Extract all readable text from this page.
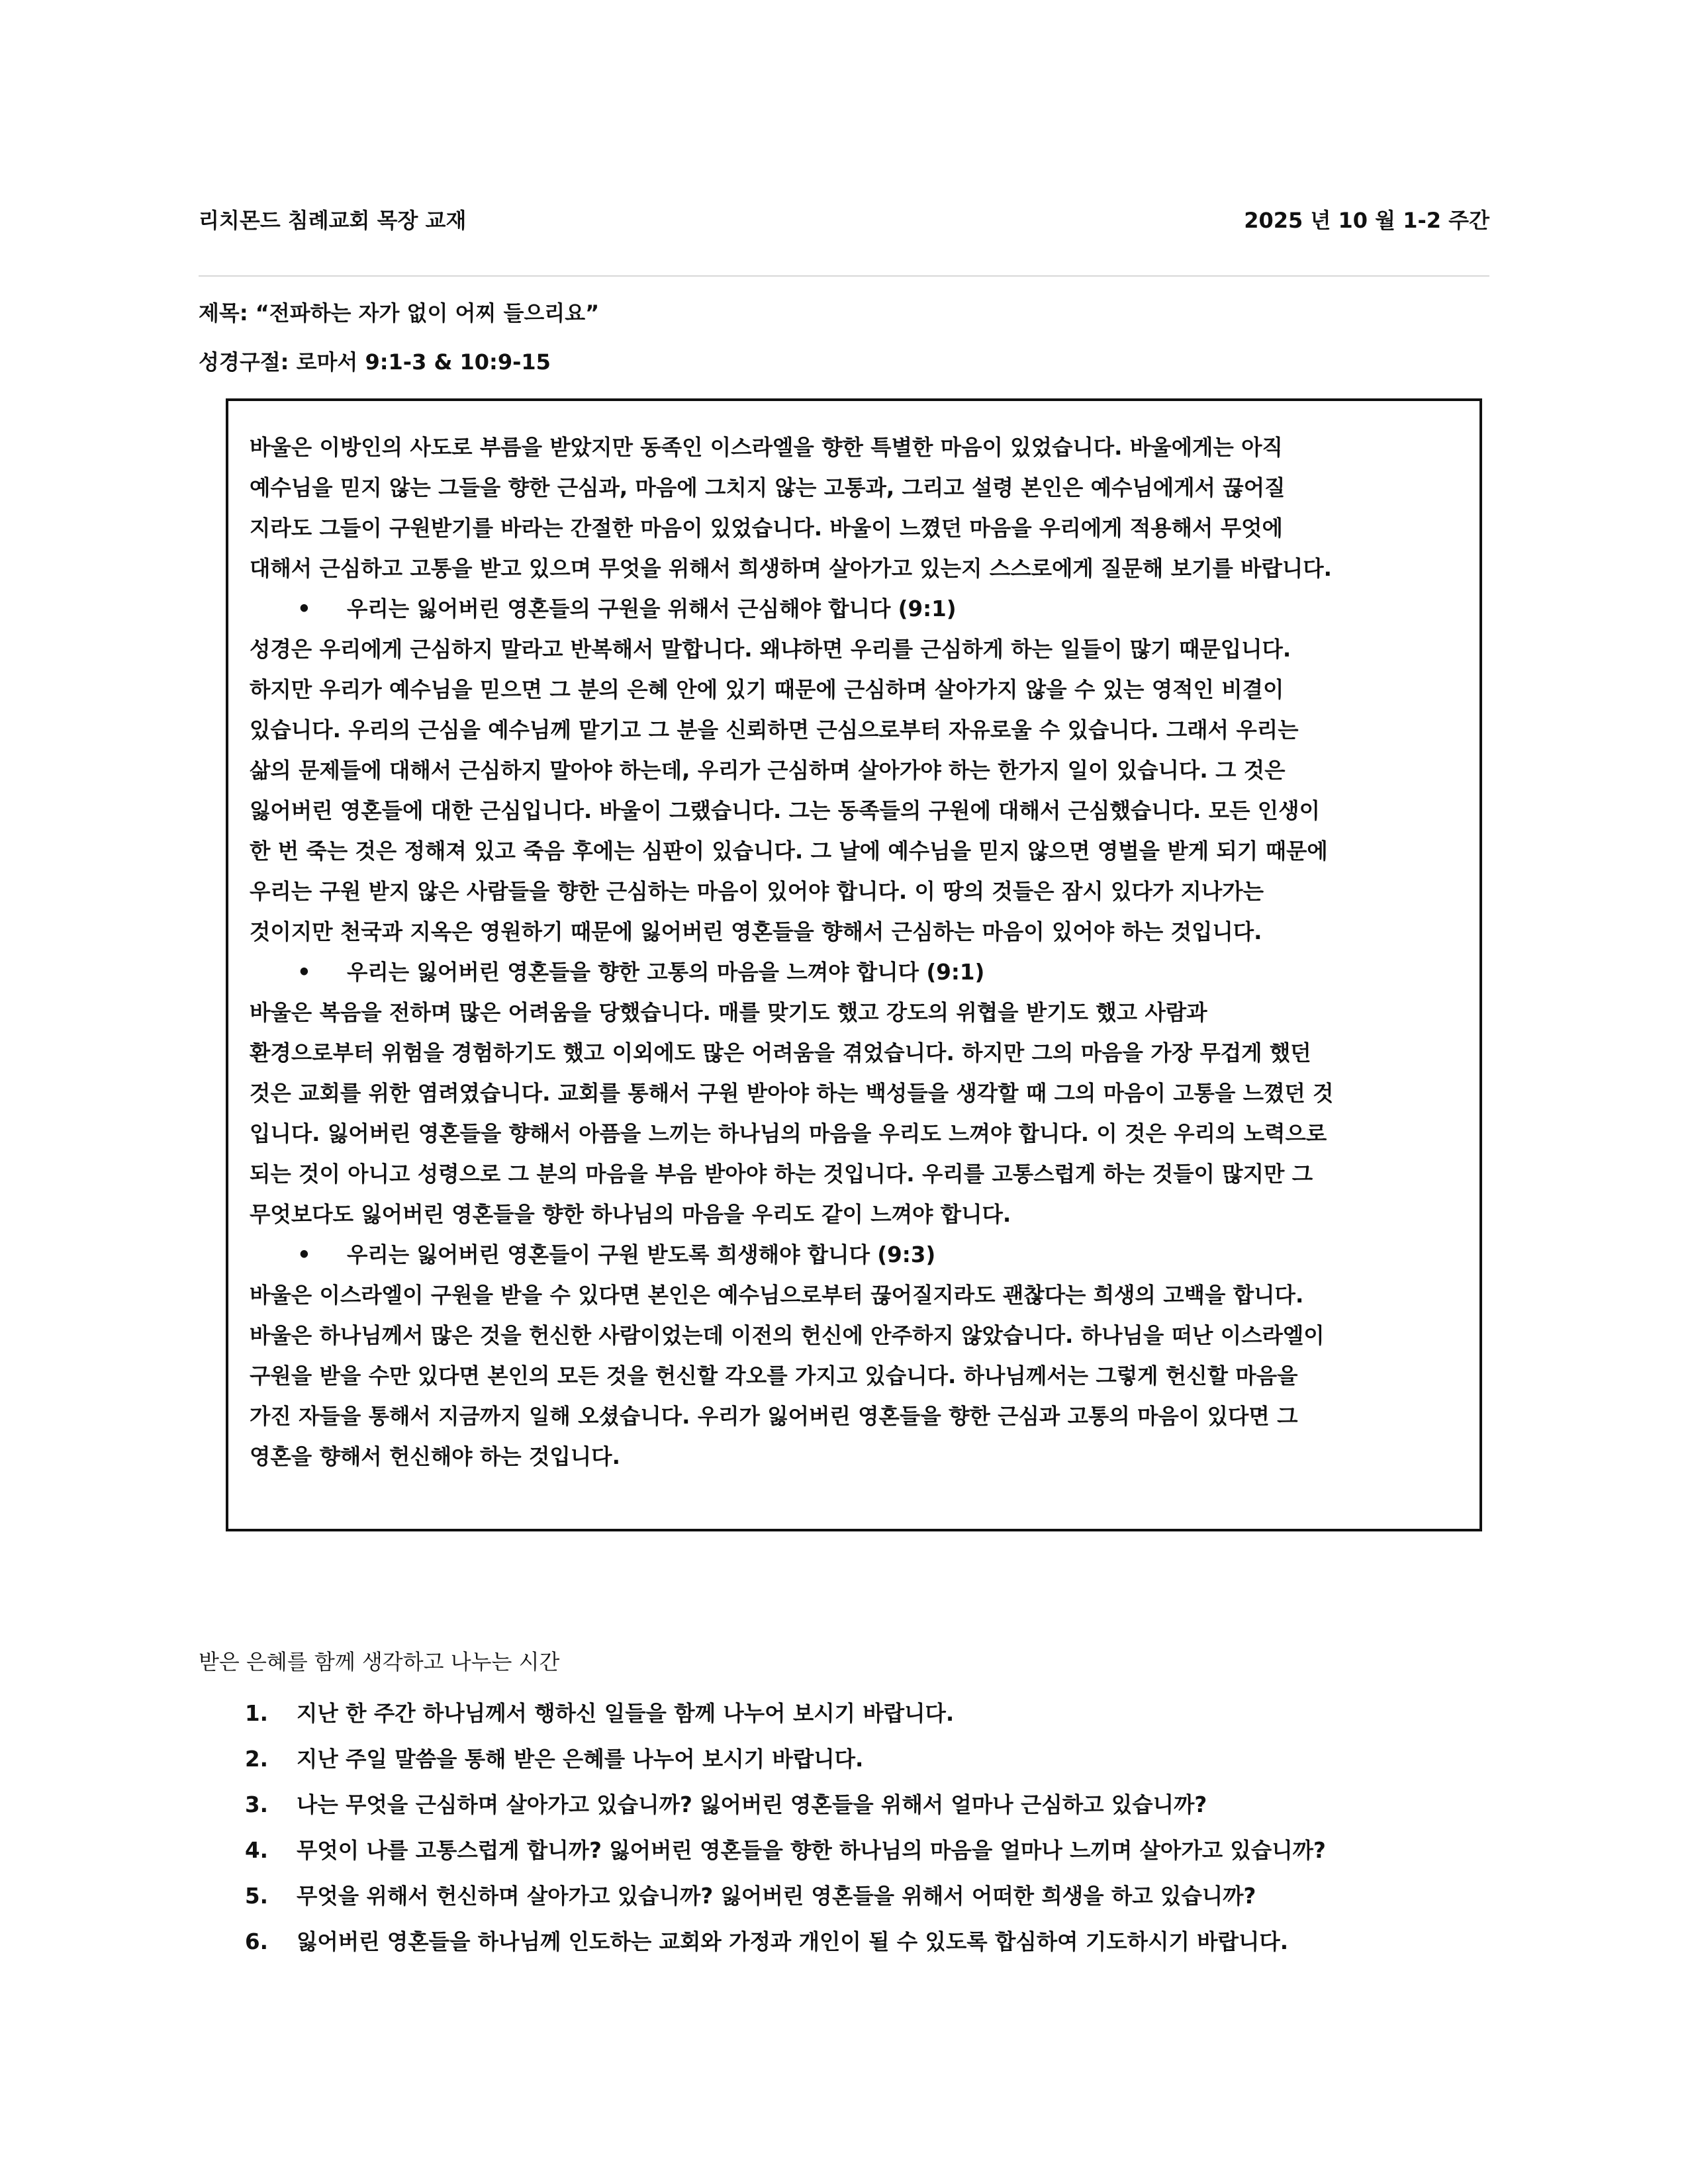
리치몬드 침례교회 목장 교재	2025 년 10 월 1-2 주간
제목: “전파하는 자가 없이 어찌 들으리요”
성경구절: 로마서 9:1-3 & 10:9-15
바울은 이방인의 사도로 부름을 받았지만 동족인 이스라엘을 향한 특별한 마음이 있었습니다. 바울에게는 아직
예수님을 믿지 않는 그들을 향한 근심과, 마음에 그치지 않는 고통과, 그리고 설령 본인은 예수님에게서 끊어질
지라도 그들이 구원받기를 바라는 간절한 마음이 있었습니다. 바울이 느꼈던 마음을 우리에게 적용해서 무엇에
대해서 근심하고 고통을 받고 있으며 무엇을 위해서 희생하며 살아가고 있는지 스스로에게 질문해 보기를 바랍니다.
• 우리는 잃어버린 영혼들의 구원을 위해서 근심해야 합니다 (9:1)
성경은 우리에게 근심하지 말라고 반복해서 말합니다. 왜냐하면 우리를 근심하게 하는 일들이 많기 때문입니다.
하지만 우리가 예수님을 믿으면 그 분의 은혜 안에 있기 때문에 근심하며 살아가지 않을 수 있는 영적인 비결이
있습니다. 우리의 근심을 예수님께 맡기고 그 분을 신뢰하면 근심으로부터 자유로울 수 있습니다. 그래서 우리는
삶의 문제들에 대해서 근심하지 말아야 하는데, 우리가 근심하며 살아가야 하는 한가지 일이 있습니다. 그 것은
잃어버린 영혼들에 대한 근심입니다. 바울이 그랬습니다. 그는 동족들의 구원에 대해서 근심했습니다. 모든 인생이
한 번 죽는 것은 정해져 있고 죽음 후에는 심판이 있습니다. 그 날에 예수님을 믿지 않으면 영벌을 받게 되기 때문에
우리는 구원 받지 않은 사람들을 향한 근심하는 마음이 있어야 합니다. 이 땅의 것들은 잠시 있다가 지나가는
것이지만 천국과 지옥은 영원하기 때문에 잃어버린 영혼들을 향해서 근심하는 마음이 있어야 하는 것입니다.
• 우리는 잃어버린 영혼들을 향한 고통의 마음을 느껴야 합니다 (9:1)
바울은 복음을 전하며 많은 어려움을 당했습니다. 매를 맞기도 했고 강도의 위협을 받기도 했고 사람과
환경으로부터 위험을 경험하기도 했고 이외에도 많은 어려움을 겪었습니다. 하지만 그의 마음을 가장 무겁게 했던
것은 교회를 위한 염려였습니다. 교회를 통해서 구원 받아야 하는 백성들을 생각할 때 그의 마음이 고통을 느꼈던 것
입니다. 잃어버린 영혼들을 향해서 아픔을 느끼는 하나님의 마음을 우리도 느껴야 합니다. 이 것은 우리의 노력으로
되는 것이 아니고 성령으로 그 분의 마음을 부음 받아야 하는 것입니다. 우리를 고통스럽게 하는 것들이 많지만 그
무엇보다도 잃어버린 영혼들을 향한 하나님의 마음을 우리도 같이 느껴야 합니다.
• 우리는 잃어버린 영혼들이 구원 받도록 희생해야 합니다 (9:3)
바울은 이스라엘이 구원을 받을 수 있다면 본인은 예수님으로부터 끊어질지라도 괜찮다는 희생의 고백을 합니다.
바울은 하나님께서 많은 것을 헌신한 사람이었는데 이전의 헌신에 안주하지 않았습니다. 하나님을 떠난 이스라엘이
구원을 받을 수만 있다면 본인의 모든 것을 헌신할 각오를 가지고 있습니다. 하나님께서는 그렇게 헌신할 마음을
가진 자들을 통해서 지금까지 일해 오셨습니다. 우리가 잃어버린 영혼들을 향한 근심과 고통의 마음이 있다면 그
영혼을 향해서 헌신해야 하는 것입니다.
받은 은혜를 함께 생각하고 나누는 시간
1. 지난 한 주간 하나님께서 행하신 일들을 함께 나누어 보시기 바랍니다.
2. 지난 주일 말씀을 통해 받은 은혜를 나누어 보시기 바랍니다.
3. 나는 무엇을 근심하며 살아가고 있습니까? 잃어버린 영혼들을 위해서 얼마나 근심하고 있습니까?
4. 무엇이 나를 고통스럽게 합니까? 잃어버린 영혼들을 향한 하나님의 마음을 얼마나 느끼며 살아가고 있습니까?
5. 무엇을 위해서 헌신하며 살아가고 있습니까? 잃어버린 영혼들을 위해서 어떠한 희생을 하고 있습니까?
6. 잃어버린 영혼들을 하나님께 인도하는 교회와 가정과 개인이 될 수 있도록 합심하여 기도하시기 바랍니다.
